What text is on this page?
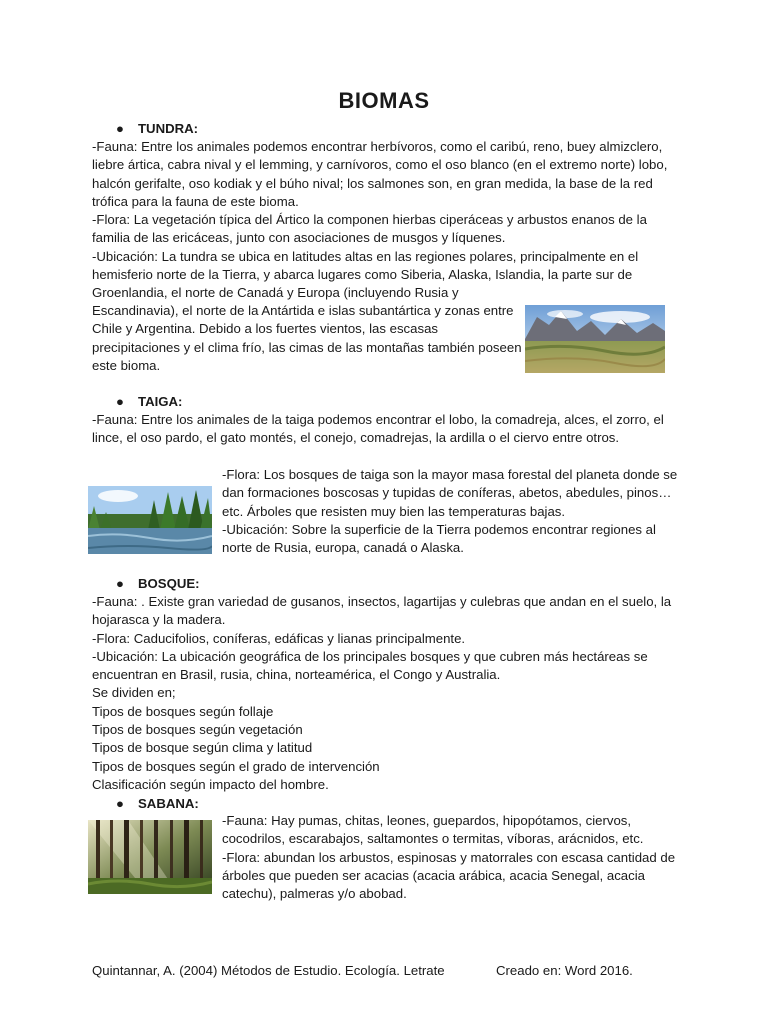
BIOMAS
● TUNDRA:

-Fauna: Entre los animales podemos encontrar herbívoros, como el caribú, reno, buey almizclero, liebre ártica, cabra nival y el lemming, y carnívoros, como el oso blanco (en el extremo norte) lobo, halcón gerifalte, oso kodiak y el búho nival; los salmones son, en gran medida, la base de la red trófica para la fauna de este bioma.

-Flora: La vegetación típica del Ártico la componen hierbas ciperáceas y arbustos enanos de la familia de las ericáceas, junto con asociaciones de musgos y líquenes.

-Ubicación: La tundra se ubica en latitudes altas en las regiones polares, principalmente en el hemisferio norte de la Tierra, y abarca lugares como Siberia, Alaska, Islandia, la parte sur de Groenlandia, el norte de Canadá y Europa (incluyendo Rusia y

Escandinavia), el norte de la Antártida e islas subantártica y zonas entre Chile y Argentina. Debido a los fuertes vientos, las escasas precipitaciones y el clima frío, las cimas de las montañas también poseen este bioma.

● TAIGA:

-Fauna: Entre los animales de la taiga podemos encontrar el lobo, la comadreja, alces, el zorro, el lince, el oso pardo, el gato montés, el conejo, comadrejas, la ardilla o el ciervo entre otros.

-Flora: Los bosques de taiga son la mayor masa forestal del planeta donde se dan formaciones boscosas y tupidas de coníferas, abetos, abedules, pinos…etc. Árboles que resisten muy bien las temperaturas bajas.

-Ubicación: Sobre la superficie de la Tierra podemos encontrar regiones al norte de Rusia, europa, canadá o Alaska.

● BOSQUE:

-Fauna: . Existe gran variedad de gusanos, insectos, lagartijas y culebras que andan en el suelo, la hojarasca y la madera.

-Flora: Caducifolios, coníferas, edáficas y lianas principalmente.

-Ubicación: La ubicación geográfica de los principales bosques y que cubren más hectáreas se encuentran en Brasil, rusia, china, norteamérica, el Congo y Australia.

Se dividen en;

Tipos de bosques según follaje

Tipos de bosques según vegetación

Tipos de bosque según clima y latitud

Tipos de bosques según el grado de intervención

Clasificación según impacto del hombre.

● SABANA:

-Fauna: Hay pumas, chitas, leones, guepardos, hipopótamos, ciervos, cocodrilos, escarabajos, saltamontes o termitas, víboras, arácnidos, etc.

-Flora: abundan los arbustos, espinosas y matorrales con escasa cantidad de árboles que pueden ser acacias (acacia arábica, acacia Senegal, acacia catechu), palmeras y/o abobad.

Quintannar, A. (2004) Métodos de Estudio. Ecología. Letrate	Creado en: Word 2016.
